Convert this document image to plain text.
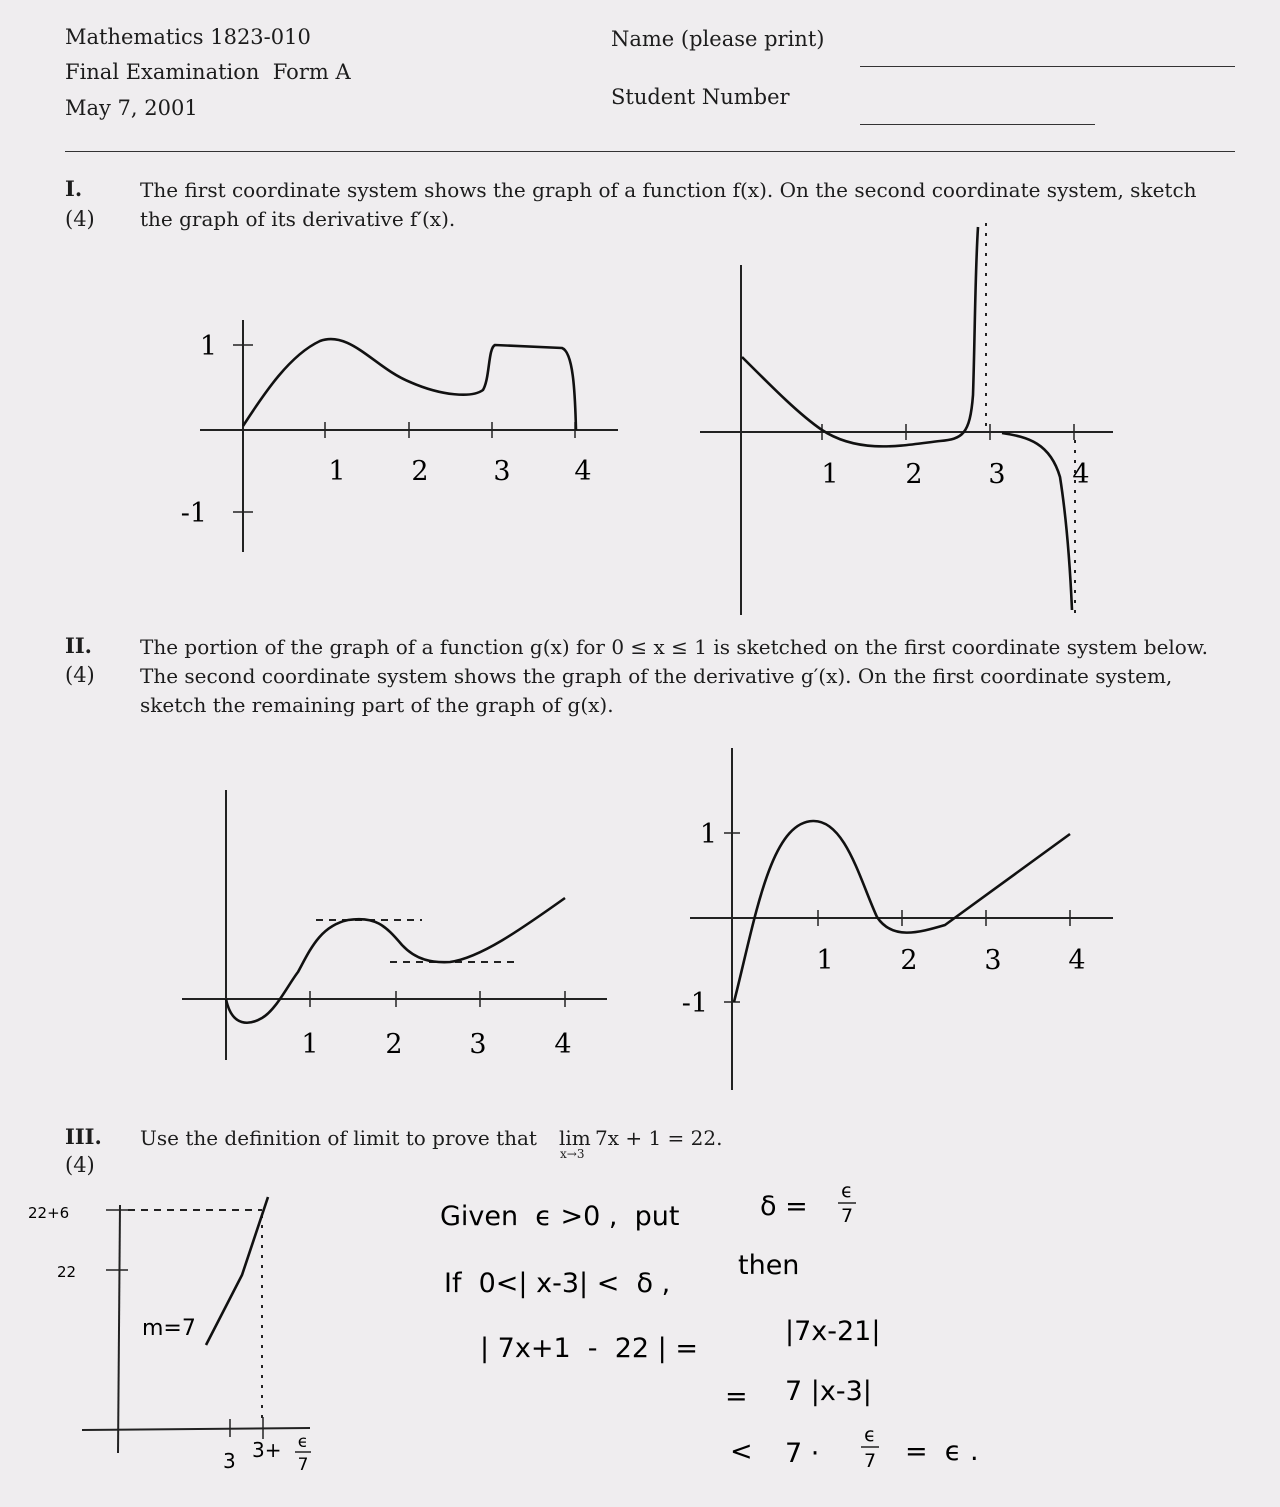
Mathematics 1823-010
Final Examination  Form A
May 7, 2001
Name (please print)
Student Number
I.
(4)
The first coordinate system shows the graph of a function f(x). On the second coordinate system, sketch the graph of its derivative f′(x).
1 2 3 4
1
-1
1 2 3 4
II.
(4)
The portion of the graph of a function g(x) for 0 ≤ x ≤ 1 is sketched on the first coordinate system below. The second coordinate system shows the graph of the derivative g′(x). On the first coordinate system, sketch the remaining part of the graph of g(x).
1 2 3	4
1 2 3 4
1
-1
III.
(4)
Use the definition of limit to prove that lim
x→3
7x + 1 = 22.
22+6
22
m=7
3 3+ ϵ
7
Given  ϵ >0 ,  put	δ = ϵ
7
If  0<| x-3| <  δ ,
then
| 7x+1  -  22 | =
|7x-21|
= 7 |x-3|
< 7 ·
ϵ
7 =  ϵ .
